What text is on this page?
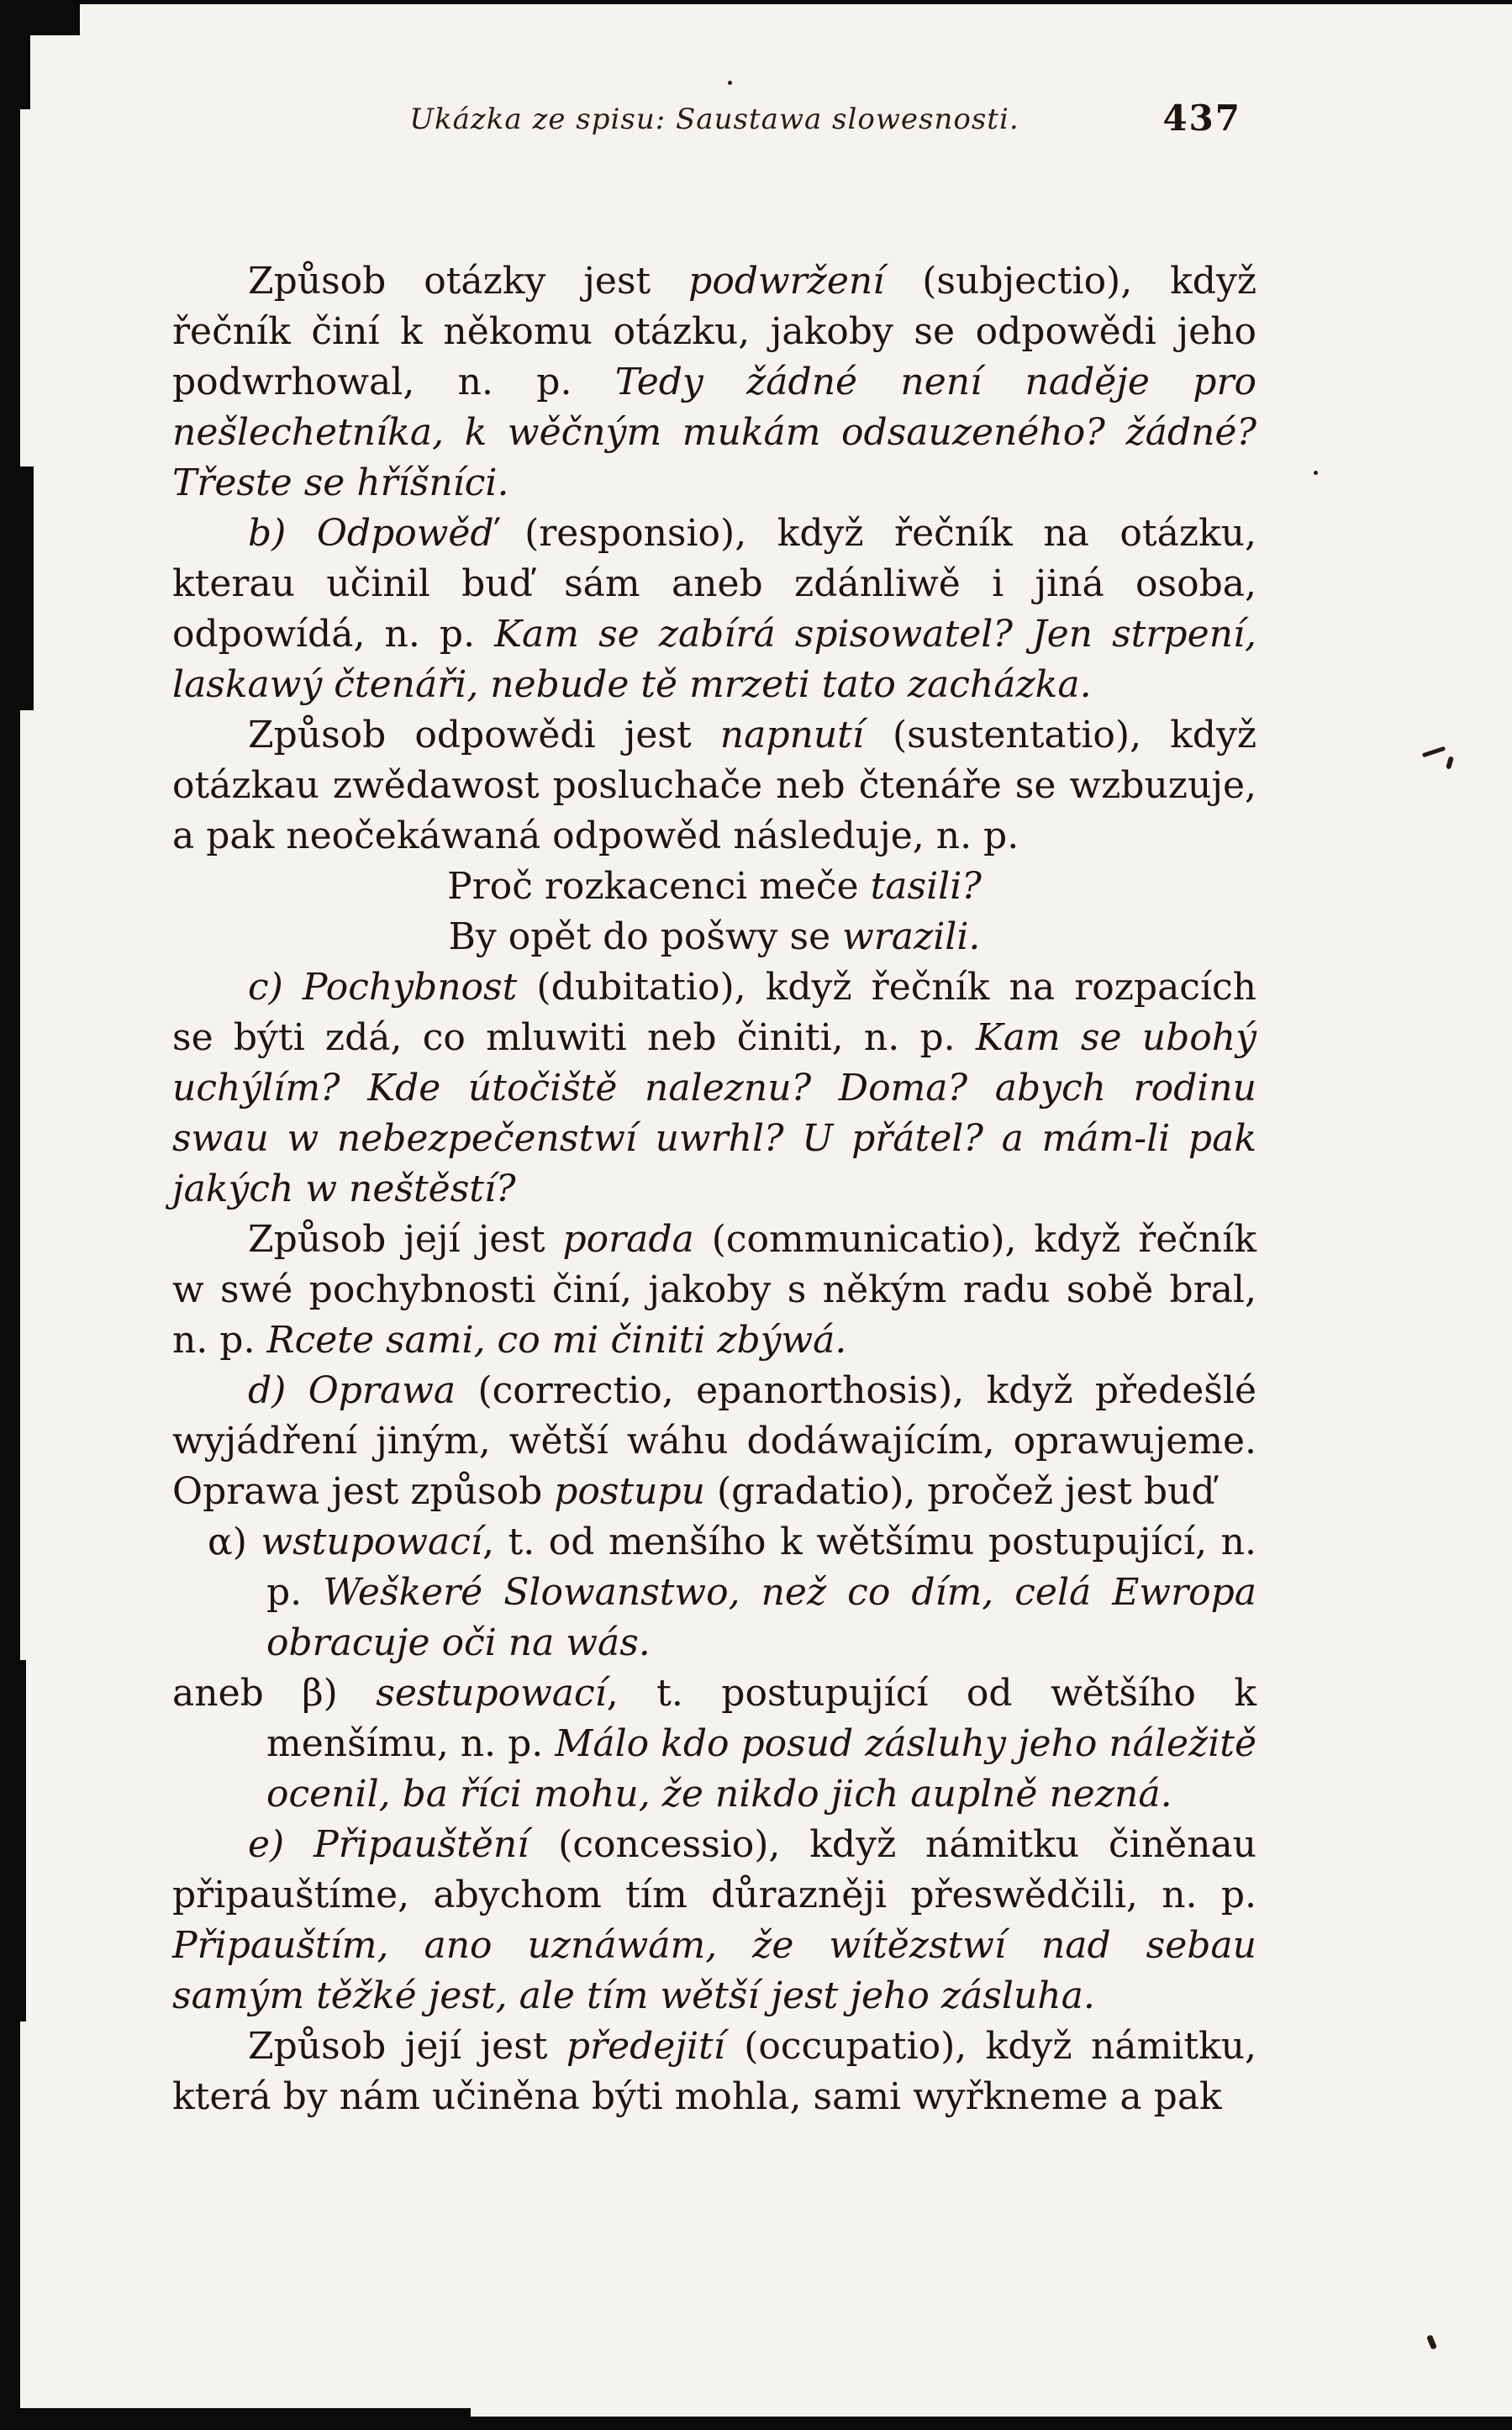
Ukázka ze spisu: Saustawa slowesnosti.	437

Způsob otázky jest podwržení (subjectio), když řečník činí k někomu otázku, jakoby se odpowědi jeho podwrhowal, n. p. Tedy žádné není naděje pro nešlechetníka, k wěčným mukám odsauzeného? žádné? Třeste se hříšníci.

b) Odpowěď (responsio), když řečník na otázku, kterau učinil buď sám aneb zdánliwě i jiná osoba, odpowídá, n. p. Kam se zabírá spisowatel? Jen strpení, laskawý čtenáři, nebude tě mrzeti tato zacházka.

Způsob odpowědi jest napnutí (sustentatio), když otázkau zwědawost posluchače neb čtenáře se wzbuzuje, a pak neočekáwaná odpowěd následuje, n. p.

Proč rozkacenci meče tasili?

By opět do pošwy se wrazili.

c) Pochybnost (dubitatio), když řečník na rozpacích se býti zdá, co mluwiti neb činiti, n. p. Kam se ubohý uchýlím? Kde útočiště naleznu? Doma? abych rodinu swau w nebezpečenstwí uwrhl? U přátel? a mám-li pak jakých w neštěstí?

Způsob její jest porada (communicatio), když řečník w swé pochybnosti činí, jakoby s někým radu sobě bral, n. p. Rcete sami, co mi činiti zbýwá.

d) Oprawa (correctio, epanorthosis), když předešlé wyjádření jiným, wětší wáhu dodáwajícím, oprawujeme. Oprawa jest způsob postupu (gradatio), pročež jest buď

α) wstupowací, t. od menšího k wětšímu postupující, n. p. Weškeré Slowanstwo, než co dím, celá Ewropa obracuje oči na wás.

aneb β) sestupowací, t. postupující od wětšího k menšímu, n. p. Málo kdo posud zásluhy jeho náležitě ocenil, ba říci mohu, že nikdo jich auplně nezná.

e) Připauštění (concessio), když námitku činěnau připauštíme, abychom tím důrazněji přeswědčili, n. p. Připauštím, ano uznáwám, že wítězstwí nad sebau samým těžké jest, ale tím wětší jest jeho zásluha.

Způsob její jest předejití (occupatio), když námitku, která by nám učiněna býti mohla, sami wyřkneme a pak
